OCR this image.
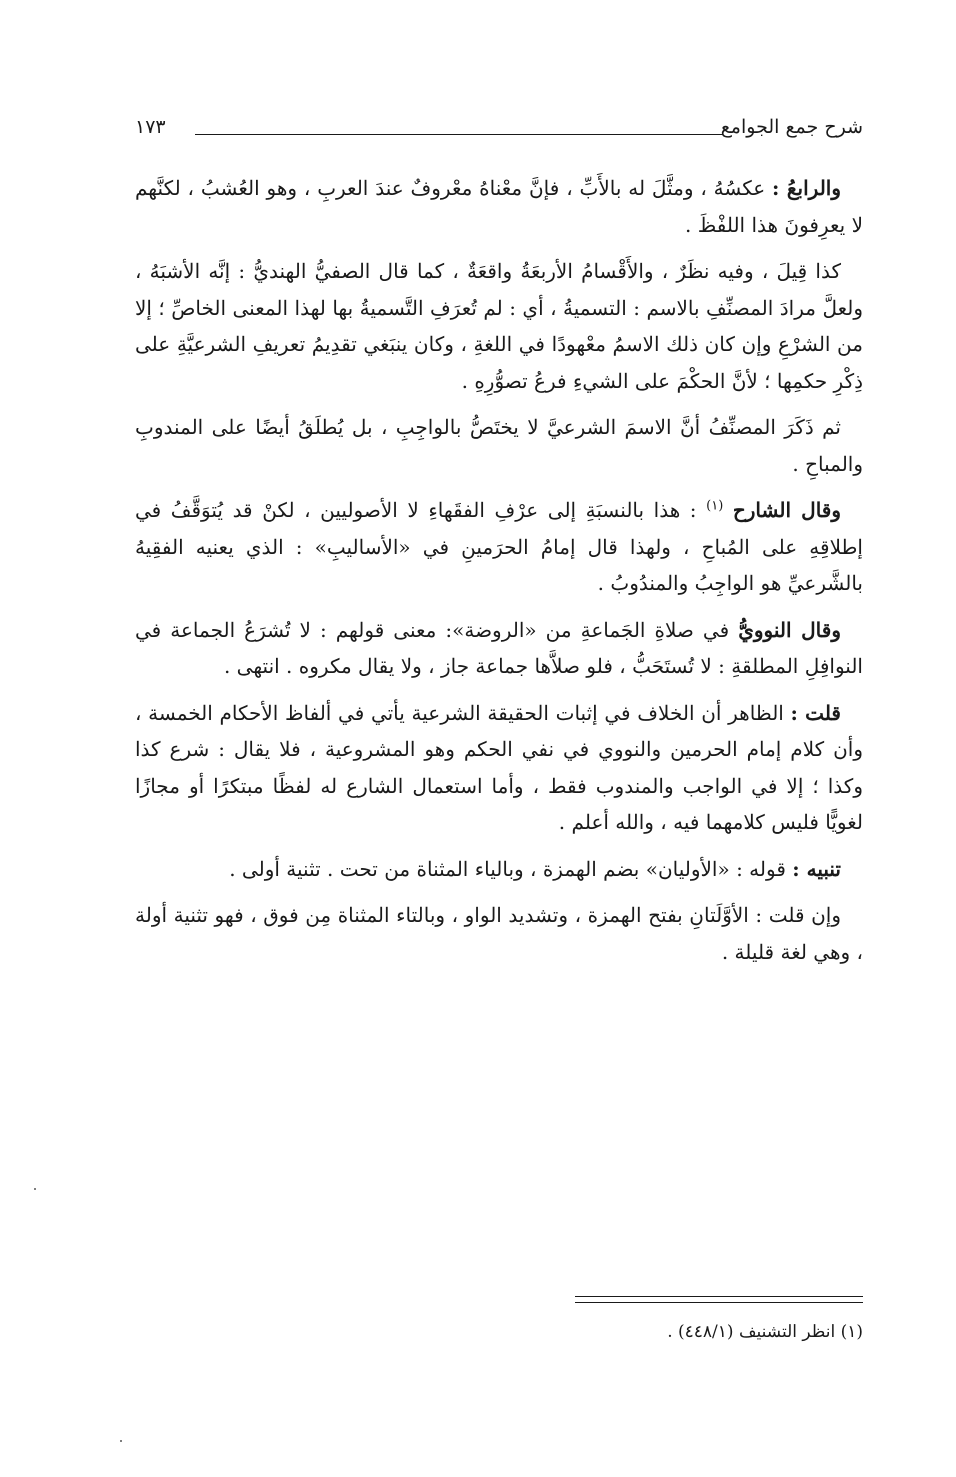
شرح جمع الجوامع
١٧٣

والرابعُ : عكسُهُ ، ومثَّلَ له بالأَبِّ ، فإنَّ معْناهُ معْروفٌ عندَ العربِ ، وهو العُشبُ ، لكنَّهم لا يعرِفونَ هذا اللفْظَ .

كذا قِيلَ ، وفيه نظَرٌ ، والأَقْسامُ الأربعَةُ واقعَةٌ ، كما قال الصفيُّ الهنديُّ : إنَّه الأشبَهُ ، ولعلَّ مرادَ المصنِّفِ بالاسم : التسميةُ ، أي : لم تُعرَفِ التَّسميةُ بها لهذا المعنى الخاصِّ ؛ إلا من الشرْعِ وإن كان ذلك الاسمُ معْهودًا في اللغةِ ، وكان ينبَغي تقدِيمُ تعريفِ الشرعيَّةِ على ذِكْرِ حكمِها ؛ لأنَّ الحكْمَ على الشيءِ فرعُ تصوُّرِهِ .

ثم ذَكَرَ المصنِّفُ أنَّ الاسمَ الشرعيَّ لا يختَصُّ بالواجِبِ ، بل يُطلَقُ أيضًا على المندوبِ والمباحِ .

وقال الشارح $^{(١)}$ : هذا بالنسبَةِ إلى عرْفِ الفقَهاءِ لا الأصوليين ، لكنْ قد يُتوَقَّفُ في إطلاقِهِ على المُباحِ ، ولهذا قال إمامُ الحرَمينِ في «الأساليبِ» : الذي يعنيه الفقِيهُ بالشَّرعيِّ هو الواجِبُ والمندُوبُ .

وقال النوويُّ في صلاةِ الجَماعةِ من «الروضة»: معنى قولهم : لا تُشرَعُ الجماعة في النوافِلِ المطلقةِ : لا تُستَحَبُّ ، فلو صلاَّها جماعة جاز ، ولا يقال مكروه . انتهى .

قلت : الظاهر أن الخلاف في إثبات الحقيقة الشرعية يأتي في ألفاظ الأحكام الخمسة ، وأن كلام إمام الحرمين والنووي في نفي الحكم وهو المشروعية ، فلا يقال : شرع كذا وكذا ؛ إلا في الواجب والمندوب فقط ، وأما استعمال الشارع له لفظًا مبتكرًا أو مجازًا لغويًّا فليس كلامهما فيه ، والله أعلم .

تنبيه : قوله : «الأوليان» بضم الهمزة ، وبالياء المثناة من تحت . تثنية أولى .

وإن قلت : الأوَّلَتانِ بفتح الهمزة ، وتشديد الواو ، وبالتاء المثناة مِن فوق ، فهو تثنية أولة ، وهي لغة قليلة .

(١) انظر التشنيف (٤٤٨/١) .
